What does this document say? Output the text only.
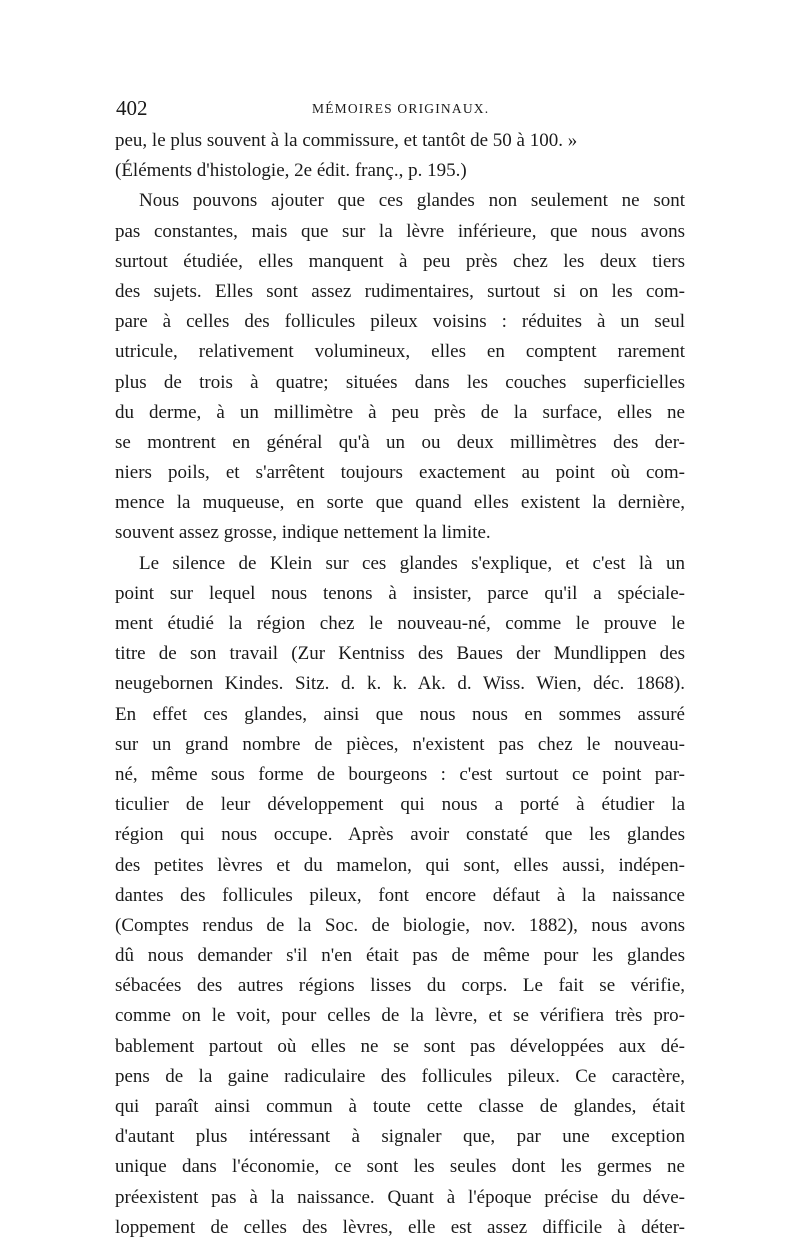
402	MÉMOIRES ORIGINAUX.
peu, le plus souvent à la commissure, et tantôt de 50 à 100. »
(Éléments d'histologie, 2e édit. franç., p. 195.)
Nous pouvons ajouter que ces glandes non seulement ne sont
pas constantes, mais que sur la lèvre inférieure, que nous avons
surtout étudiée, elles manquent à peu près chez les deux tiers
des sujets. Elles sont assez rudimentaires, surtout si on les com-
pare à celles des follicules pileux voisins : réduites à un seul
utricule, relativement volumineux, elles en comptent rarement
plus de trois à quatre; situées dans les couches superficielles
du derme, à un millimètre à peu près de la surface, elles ne
se montrent en général qu'à un ou deux millimètres des der-
niers poils, et s'arrêtent toujours exactement au point où com-
mence la muqueuse, en sorte que quand elles existent la dernière,
souvent assez grosse, indique nettement la limite.
Le silence de Klein sur ces glandes s'explique, et c'est là un
point sur lequel nous tenons à insister, parce qu'il a spéciale-
ment étudié la région chez le nouveau-né, comme le prouve le
titre de son travail (Zur Kentniss des Baues der Mundlippen des
neugebornen Kindes. Sitz. d. k. k. Ak. d. Wiss. Wien, déc. 1868).
En effet ces glandes, ainsi que nous nous en sommes assuré
sur un grand nombre de pièces, n'existent pas chez le nouveau-
né, même sous forme de bourgeons : c'est surtout ce point par-
ticulier de leur développement qui nous a porté à étudier la
région qui nous occupe. Après avoir constaté que les glandes
des petites lèvres et du mamelon, qui sont, elles aussi, indépen-
dantes des follicules pileux, font encore défaut à la naissance
(Comptes rendus de la Soc. de biologie, nov. 1882), nous avons
dû nous demander s'il n'en était pas de même pour les glandes
sébacées des autres régions lisses du corps. Le fait se vérifie,
comme on le voit, pour celles de la lèvre, et se vérifiera très pro-
bablement partout où elles ne se sont pas développées aux dé-
pens de la gaine radiculaire des follicules pileux. Ce caractère,
qui paraît ainsi commun à toute cette classe de glandes, était
d'autant plus intéressant à signaler que, par une exception
unique dans l'économie, ce sont les seules dont les germes ne
préexistent pas à la naissance. Quant à l'époque précise du déve-
loppement de celles des lèvres, elle est assez difficile à déter-
